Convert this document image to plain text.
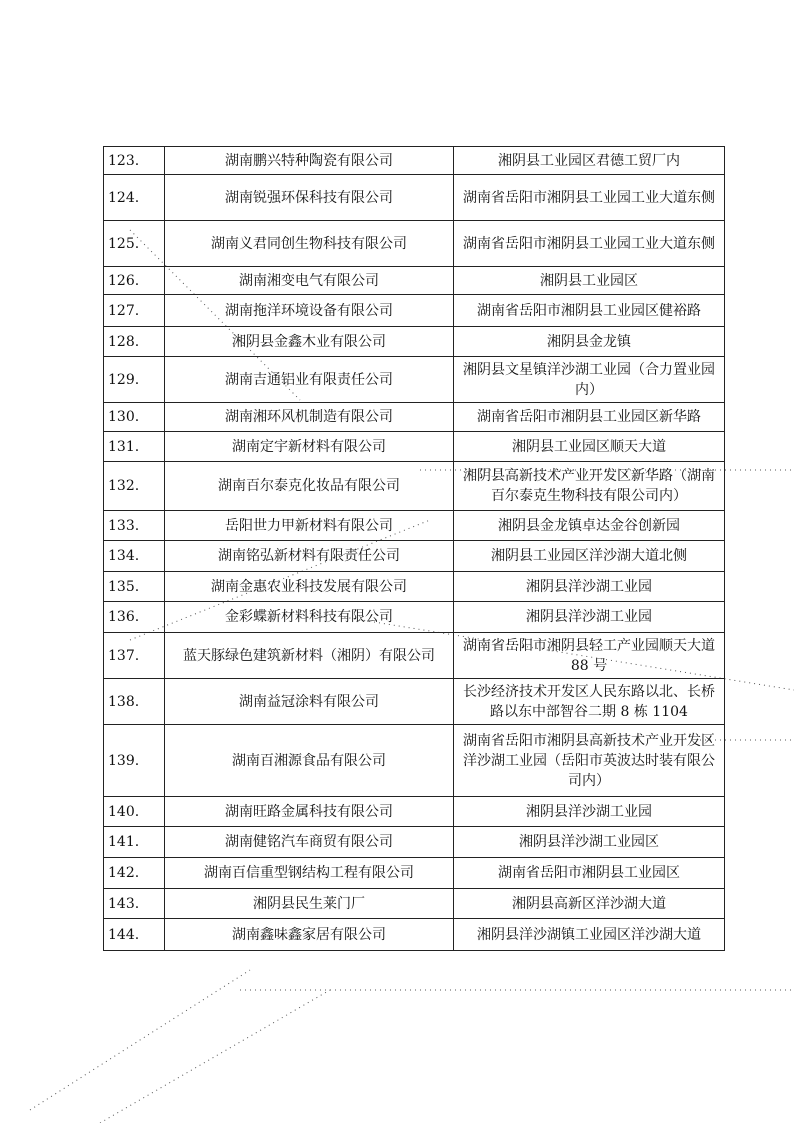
123.	湖南鹏兴特种陶瓷有限公司	湘阴县工业园区君德工贸厂内
124.	湖南锐强环保科技有限公司	湖南省岳阳市湘阴县工业园工业大道东侧
125.	湖南义君同创生物科技有限公司	湖南省岳阳市湘阴县工业园工业大道东侧
126.	湖南湘变电气有限公司	湘阴县工业园区
127.	湖南拖洋环境设备有限公司	湖南省岳阳市湘阴县工业园区健裕路
128.	湘阴县金鑫木业有限公司	湘阴县金龙镇
129.	湖南吉通铝业有限责任公司	湘阴县文星镇洋沙湖工业园（合力置业园内）
130.	湖南湘环风机制造有限公司	湖南省岳阳市湘阴县工业园区新华路
131.	湖南定宇新材料有限公司	湘阴县工业园区顺天大道
132.	湖南百尔泰克化妆品有限公司	湘阴县高新技术产业开发区新华路（湖南百尔泰克生物科技有限公司内）
133.	岳阳世力甲新材料有限公司	湘阴县金龙镇卓达金谷创新园
134.	湖南铭弘新材料有限责任公司	湘阴县工业园区洋沙湖大道北侧
135.	湖南金惠农业科技发展有限公司	湘阴县洋沙湖工业园
136.	金彩蝶新材料科技有限公司	湘阴县洋沙湖工业园
137.	蓝天豚绿色建筑新材料（湘阴）有限公司	湖南省岳阳市湘阴县轻工产业园顺天大道 88 号
138.	湖南益冠涂料有限公司	长沙经济技术开发区人民东路以北、长桥路以东中部智谷二期 8 栋 1104
139.	湖南百湘源食品有限公司	湖南省岳阳市湘阴县高新技术产业开发区洋沙湖工业园（岳阳市英波达时装有限公司内）
140.	湖南旺路金属科技有限公司	湘阴县洋沙湖工业园
141.	湖南健铭汽车商贸有限公司	湘阴县洋沙湖工业园区
142.	湖南百信重型钢结构工程有限公司	湖南省岳阳市湘阴县工业园区
143.	湘阴县民生莱门厂	湘阴县高新区洋沙湖大道
144.	湖南鑫味鑫家居有限公司	湘阴县洋沙湖镇工业园区洋沙湖大道
